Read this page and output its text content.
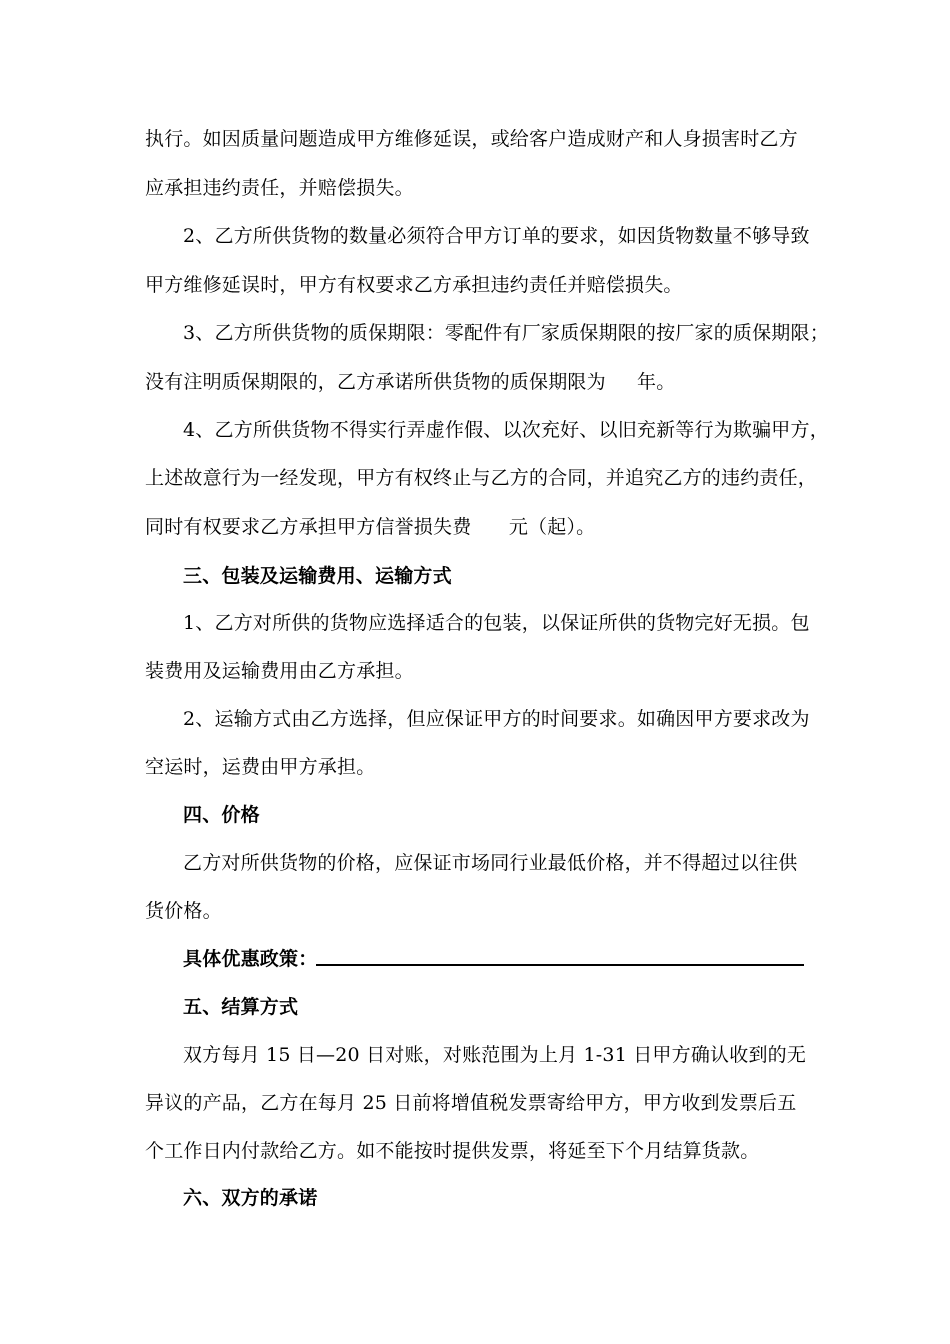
执行。如因质量问题造成甲方维修延误，或给客户造成财产和人身损害时乙方
应承担违约责任，并赔偿损失。
2、乙方所供货物的数量必须符合甲方订单的要求，如因货物数量不够导致
甲方维修延误时，甲方有权要求乙方承担违约责任并赔偿损失。
3、乙方所供货物的质保期限：零配件有厂家质保期限的按厂家的质保期限；
没有注明质保期限的，乙方承诺所供货物的质保期限为     年。
4、乙方所供货物不得实行弄虚作假、以次充好、以旧充新等行为欺骗甲方，
上述故意行为一经发现，甲方有权终止与乙方的合同，并追究乙方的违约责任，
同时有权要求乙方承担甲方信誉损失费      元（起）。
三、包装及运输费用、运输方式
1、乙方对所供的货物应选择适合的包装，以保证所供的货物完好无损。包
装费用及运输费用由乙方承担。
2、运输方式由乙方选择，但应保证甲方的时间要求。如确因甲方要求改为
空运时，运费由甲方承担。
四、价格
乙方对所供货物的价格，应保证市场同行业最低价格，并不得超过以往供
货价格。
具体优惠政策：
五、结算方式
双方每月 15 日—20 日对账，对账范围为上月 1-31 日甲方确认收到的无
异议的产品，乙方在每月 25 日前将增值税发票寄给甲方，甲方收到发票后五
个工作日内付款给乙方。如不能按时提供发票，将延至下个月结算货款。
六、双方的承诺
